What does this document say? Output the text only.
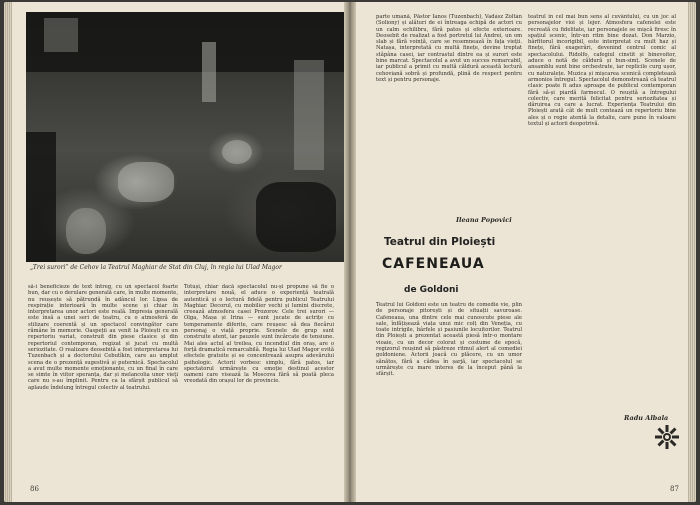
„Trei surori” de Cehov la Teatrul Maghiar de Stat din Cluj, în regia lui Ulad Magor
să-i beneficieze de text întreg, cu un spectacol foarte bun, dar cu o derulare generală care, în multe momente, nu reușește să pătrundă în adâncul lor. Lipsa de respirație interioară în multe scene și chiar în interpretarea unor actori este reală. Impresia generală este însă a unei seri de teatru, cu o atmosferă de stilizare coerentă și un spectacol convingător care rămâne în memorie. Oaspeții au venit la Ploiești cu un repertoriu variat, construit din piese clasice și din repertoriul contemporan, regizat și jucat cu multă seriozitate. O realizare deosebită a fost interpretarea lui Tuzenbach și a doctorului Cebutîkin, care au umplut scena de o prezență sugestivă și puternică. Spectacolul a avut multe momente emoționante, cu un final în care se simte în viitor speranța, dar și melancolia unor vieți care nu s-au împlinit. Pentru ca la sfârșit publicul să aplaude îndelung întregul colectiv al teatrului.
Totuși, chiar dacă spectacolul nu-și propune să fie o interpretare nouă, el aduce o experiență teatrală autentică și o lectură fidelă pentru publicul Teatrului Maghiar. Decorul, cu mobilier vechi și lumini discrete, creează atmosfera casei Prozorov. Cele trei surori — Olga, Mașa și Irina — sunt jucate de actrițe cu temperamente diferite, care reușesc să dea fiecărui personaj o viață proprie. Scenele de grup sunt construite atent, iar pauzele sunt încărcate de tensiune. Mai ales actul al treilea, cu incendiul din oraș, are o forță dramatică remarcabilă. Regia lui Ulad Magor evită efectele gratuite și se concentrează asupra adevărului psihologic. Actorii vorbesc simplu, fără patos, iar spectatorul urmărește cu emoție destinul acestor oameni care visează la Moscova fără să poată pleca vreodată din orașul lor de provincie.
86
parte umană, Păstor Ianos (Tuzenbach), Vadász Zoltán (Soliony) și alături de ei întreaga echipă de actori cu un calm echilibru, fără patos și efecte exterioare. Deosebit de realizat a fost portretul lui Andrei, un om slab și fără voință, care se resemnează în fața vieții. Natașa, interpretată cu multă finețe, devine treptat stăpâna casei, iar contrastul dintre ea și surori este bine marcat. Spectacolul a avut un succes remarcabil, iar publicul a primit cu multă căldură această lectură cehoviană sobră și profundă, plină de respect pentru text și pentru personaje.
Ileana Popovici
Teatrul din Ploiești
CAFENEAUA
de Goldoni
Teatrul lui Goldoni este un teatru de comedie vie, plin de personaje pitorești și de situații savuroase. Cafeneaua, una dintre cele mai cunoscute piese ale sale, înfățișează viața unui mic colț din Veneția, cu toate intrigile, bârfele și pasiunile locuitorilor. Teatrul din Ploiești a prezentat această piesă într-o montare vioaie, cu un decor colorat și costume de epocă, regizorul reușind să păstreze ritmul alert al comediei goldoniene. Actorii joacă cu plăcere, cu un umor sănătos, fără a cădea în șarjă, iar spectacolul se urmărește cu mare interes de la început până la sfârșit.
teatrul în cel mai bun sens al cuvântului, cu un joc al personajelor vioi și lejer. Atmosfera cafenelei este recreată cu fidelitate, iar personajele se mișcă firesc în spațiul scenic, într-un ritm bine dozat. Don Marzio, bârfitorul incorigibil, este interpretat cu mult haz și finețe, fără exagerări, devenind centrul comic al spectacolului. Ridolfo, cafegiul cinstit și binevoitor, aduce o notă de căldură și bun-simț. Scenele de ansamblu sunt bine orchestrate, iar replicile curg ușor, cu naturalețe. Muzica și mișcarea scenică completează armonios întregul. Spectacolul demonstrează că teatrul clasic poate fi adus aproape de publicul contemporan fără să-și piardă farmecul. O reușită a întregului colectiv, care merită felicitat pentru seriozitatea și dăruirea cu care a lucrat. Experiența Teatrului din Ploiești arată cât de mult contează un repertoriu bine ales și o regie atentă la detaliu, care pune în valoare textul și actorii deopotrivă.
Radu Albala
87
